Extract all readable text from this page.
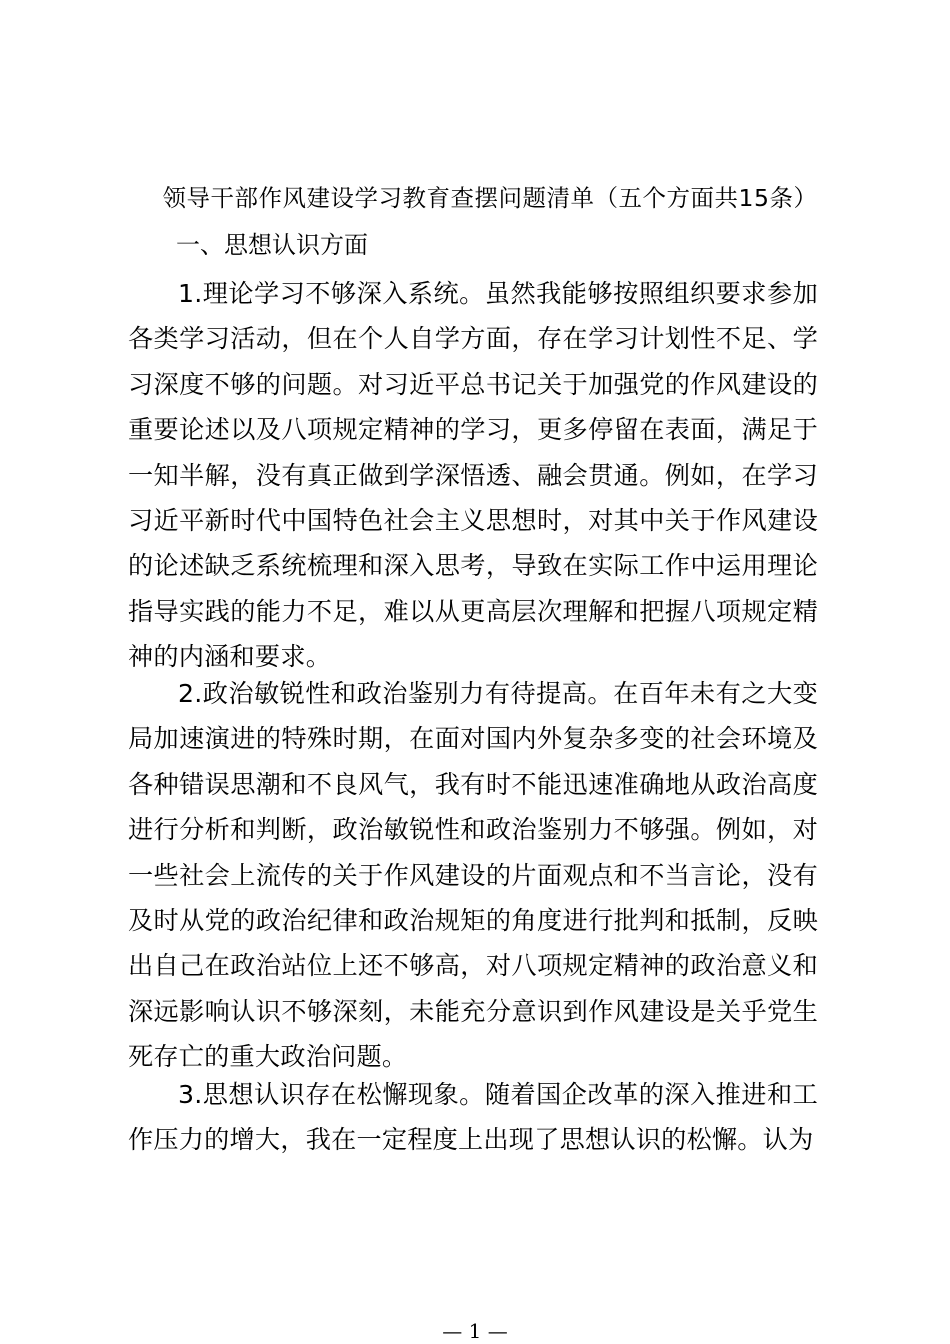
领导干部作风建设学习教育查摆问题清单（五个方面共15条）
一、思想认识方面

1.理论学习不够深入系统。虽然我能够按照组织要求参加各类学习活动，但在个人自学方面，存在学习计划性不足、学习深度不够的问题。对习近平总书记关于加强党的作风建设的重要论述以及八项规定精神的学习，更多停留在表面，满足于一知半解，没有真正做到学深悟透、融会贯通。例如，在学习习近平新时代中国特色社会主义思想时，对其中关于作风建设的论述缺乏系统梳理和深入思考，导致在实际工作中运用理论指导实践的能力不足，难以从更高层次理解和把握八项规定精神的内涵和要求。

2.政治敏锐性和政治鉴别力有待提高。在百年未有之大变局加速演进的特殊时期，在面对国内外复杂多变的社会环境及各种错误思潮和不良风气，我有时不能迅速准确地从政治高度进行分析和判断，政治敏锐性和政治鉴别力不够强。例如，对一些社会上流传的关于作风建设的片面观点和不当言论，没有及时从党的政治纪律和政治规矩的角度进行批判和抵制，反映出自己在政治站位上还不够高，对八项规定精神的政治意义和深远影响认识不够深刻，未能充分意识到作风建设是关乎党生死存亡的重大政治问题。

3.思想认识存在松懈现象。随着国企改革的深入推进和工作压力的增大，我在一定程度上出现了思想认识的松懈。认为

— 1 —
